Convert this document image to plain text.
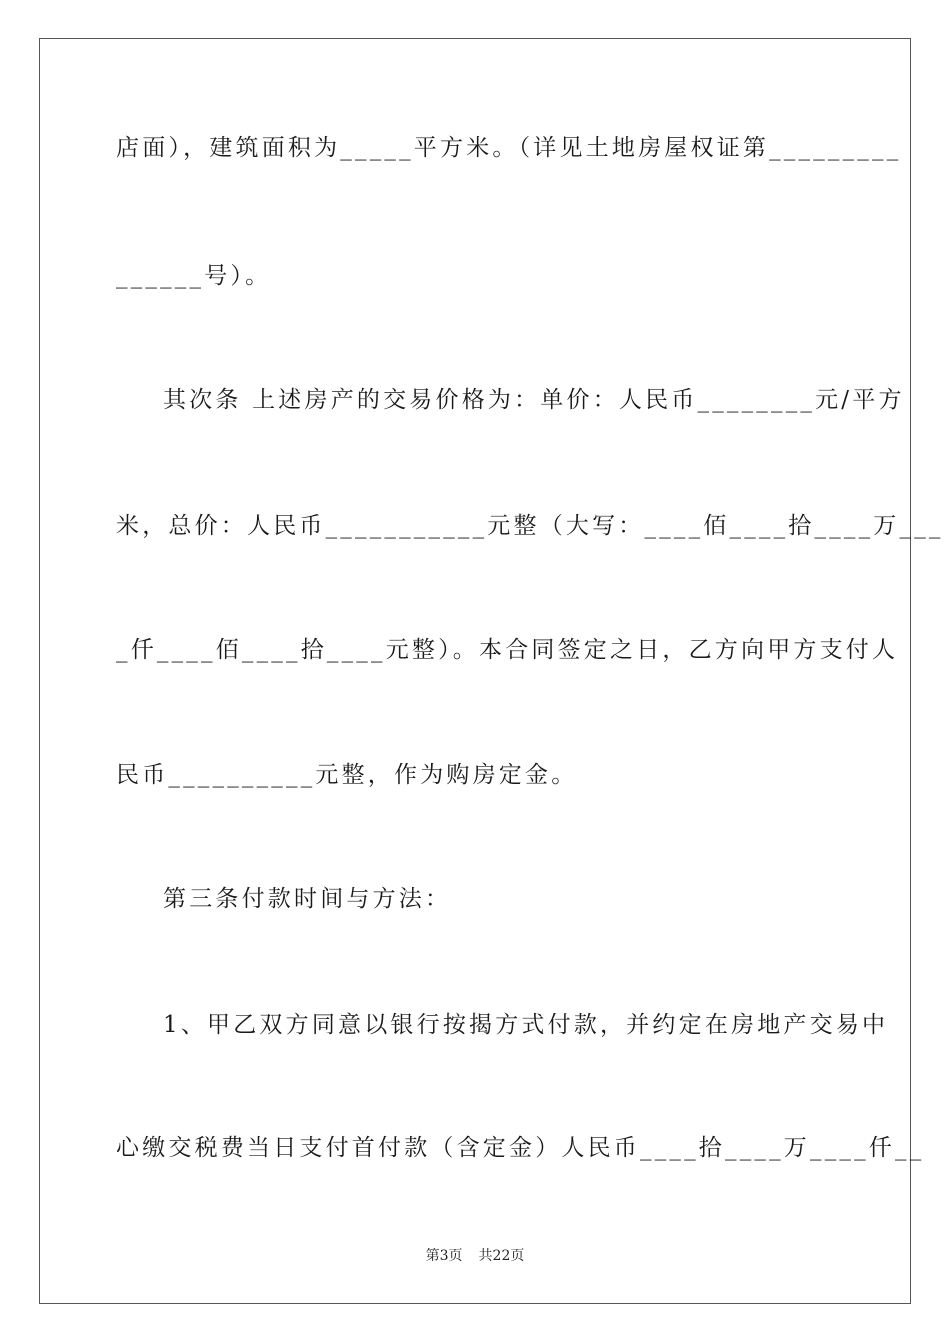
店面），建筑面积为_____平方米。（详见土地房屋权证第_________
______号）。
其次条 上述房产的交易价格为：单价：人民币________元/平方
米，总价：人民币___________元整（大写：____佰____拾____万___
_仟____佰____拾____元整）。本合同签定之日，乙方向甲方支付人
民币__________元整，作为购房定金。
第三条付款时间与方法：
1、甲乙双方同意以银行按揭方式付款，并约定在房地产交易中
心缴交税费当日支付首付款（含定金）人民币____拾____万____仟__
第3页 共22页
